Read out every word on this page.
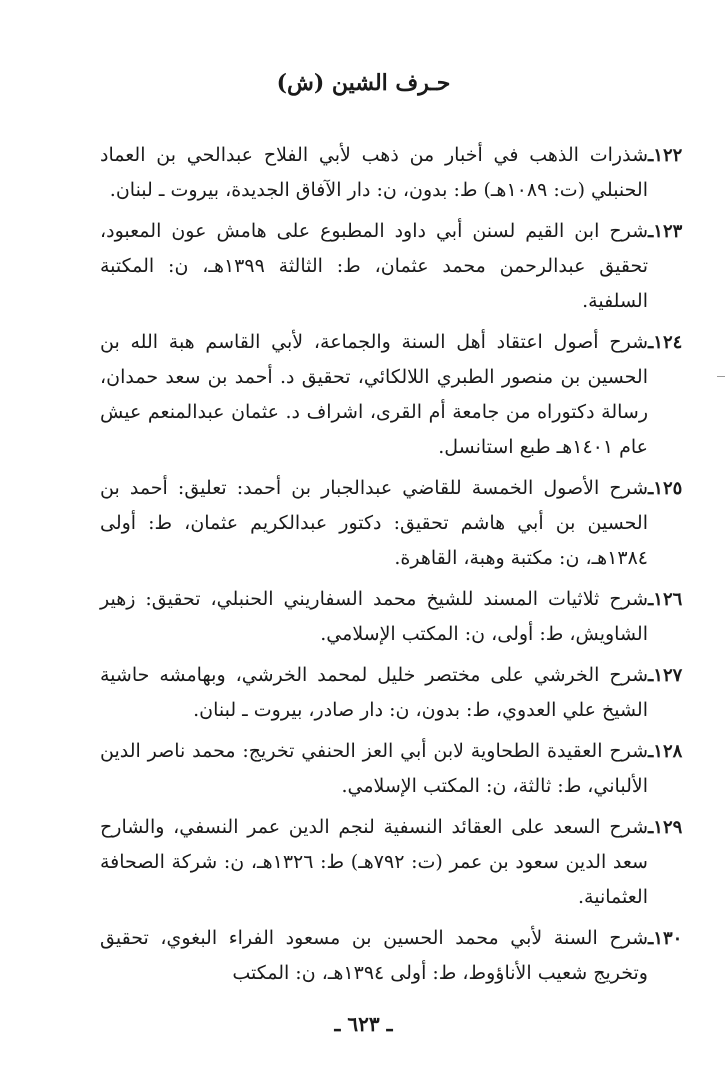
حـرف الشين (ش)
١٢٢ـ
شذرات الذهب في أخبار من ذهب لأبي الفلاح عبدالحي بن العماد الحنبلي (ت: ١٠٨٩هـ) ط: بدون، ن: دار الآفاق الجديدة، بيروت ـ لبنان.
١٢٣ـ
شرح ابن القيم لسنن أبي داود المطبوع على هامش عون المعبود، تحقيق عبدالرحمن محمد عثمان، ط: الثالثة ١٣٩٩هـ، ن: المكتبة السلفية.
١٢٤ـ
شرح أصول اعتقاد أهل السنة والجماعة، لأبي القاسم هبة الله بن الحسين بن منصور الطبري اللالكائي، تحقيق د. أحمد بن سعد حمدان، رسالة دكتوراه من جامعة أم القرى، اشراف د. عثمان عبدالمنعم عيش عام ١٤٠١هـ طبع استانسل.
١٢٥ـ
شرح الأصول الخمسة للقاضي عبدالجبار بن أحمد: تعليق: أحمد بن الحسين بن أبي هاشم تحقيق: دكتور عبدالكريم عثمان، ط: أولى ١٣٨٤هـ، ن: مكتبة وهبة، القاهرة.
١٢٦ـ
شرح ثلاثيات المسند للشيخ محمد السفاريني الحنبلي، تحقيق: زهير الشاويش، ط: أولى، ن: المكتب الإسلامي.
١٢٧ـ
شرح الخرشي على مختصر خليل لمحمد الخرشي، وبهامشه حاشية الشيخ علي العدوي، ط: بدون، ن: دار صادر، بيروت ـ لبنان.
١٢٨ـ
شرح العقيدة الطحاوية لابن أبي العز الحنفي تخريج: محمد ناصر الدين الألباني، ط: ثالثة، ن: المكتب الإسلامي.
١٢٩ـ
شرح السعد على العقائد النسفية لنجم الدين عمر النسفي، والشارح سعد الدين سعود بن عمر (ت: ٧٩٢هـ) ط: ١٣٢٦هـ، ن: شركة الصحافة العثمانية.
١٣٠ـ
شرح السنة لأبي محمد الحسين بن مسعود الفراء البغوي، تحقيق وتخريج شعيب الأناؤوط، ط: أولى ١٣٩٤هـ، ن: المكتب
ـ ٦٢٣ ـ
